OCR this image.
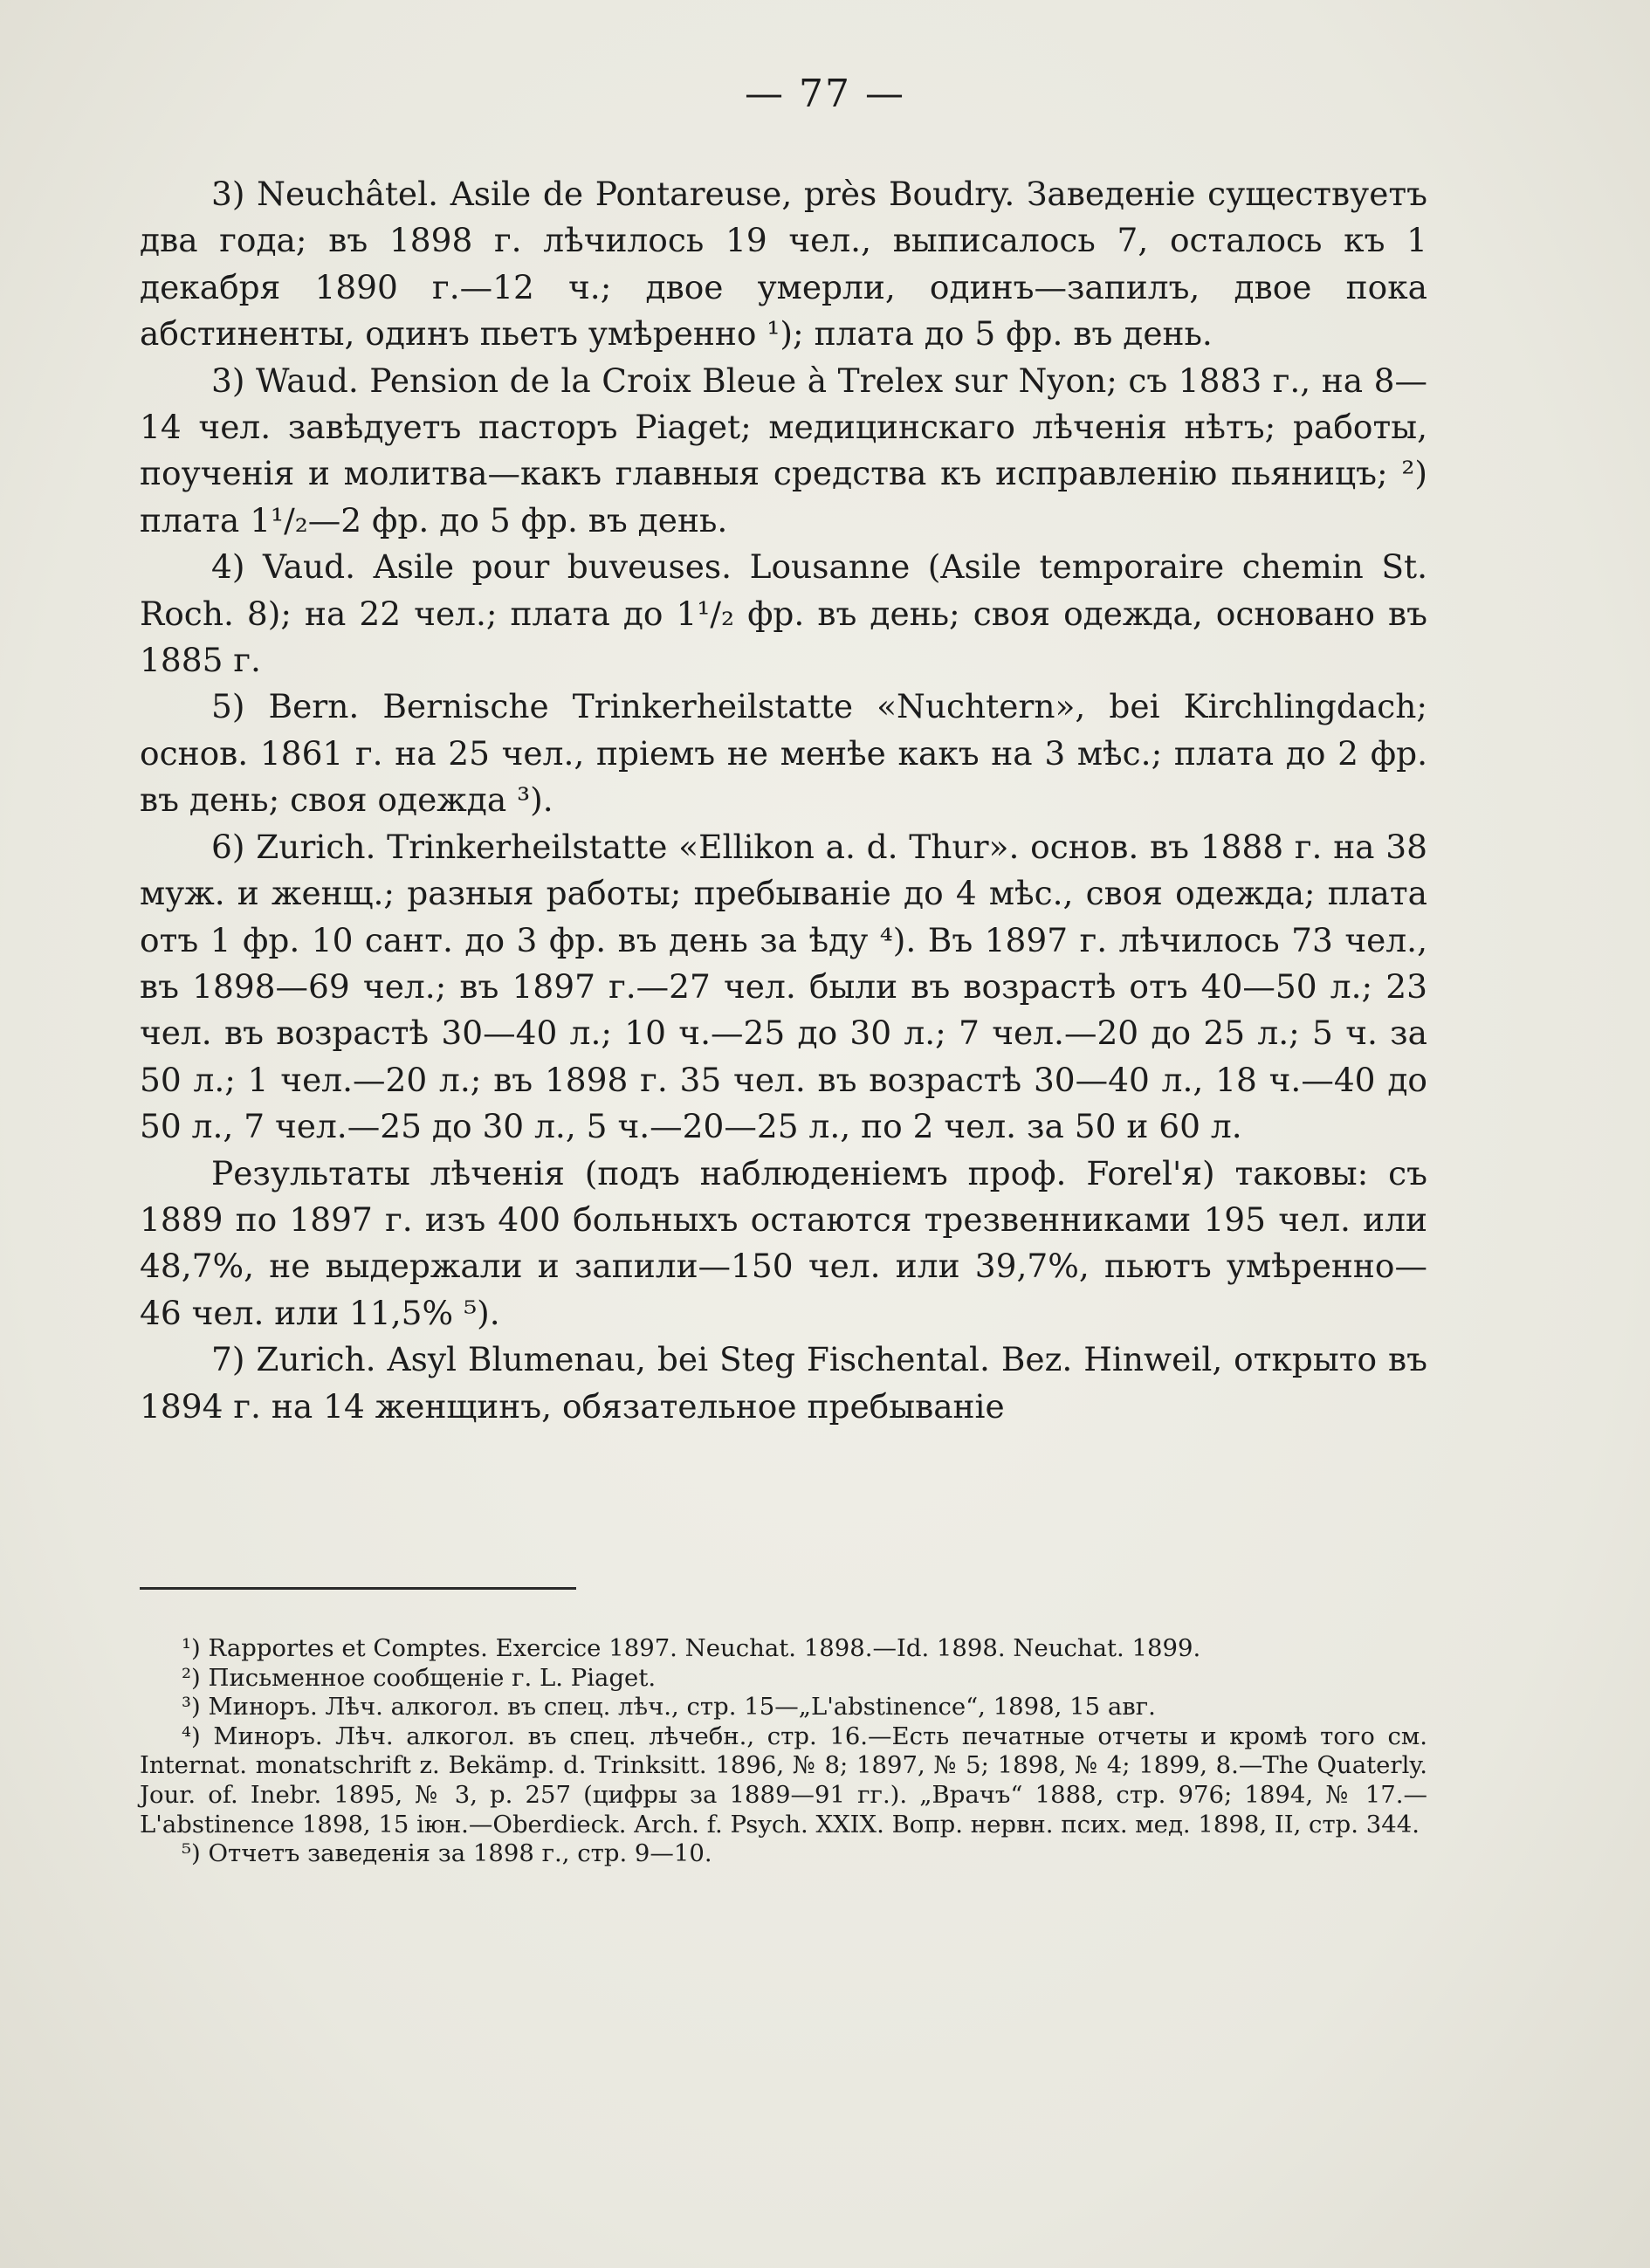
— 77 —

3) Neuchâtel. Asile de Pontareuse, près Boudry. Заведеніе существуетъ два года; въ 1898 г. лѣчилось 19 чел., выписалось 7, осталось къ 1 декабря 1890 г.—12 ч.; двое умерли, одинъ—запилъ, двое пока абстиненты, одинъ пьетъ умѣренно ¹); плата до 5 фр. въ день.

3) Waud. Pension de la Croix Bleue à Trelex sur Nyon; съ 1883 г., на 8—14 чел. завѣдуетъ пасторъ Piaget; медицинскаго лѣченія нѣтъ; работы, поученія и молитва—какъ главныя средства къ исправленію пьяницъ; ²) плата 1¹/₂—2 фр. до 5 фр. въ день.

4) Vaud. Asile pour buveuses. Lousanne (Asile temporaire chemin St. Roch. 8); на 22 чел.; плата до 1¹/₂ фр. въ день; своя одежда, основано въ 1885 г.

5) Bern. Bernische Trinkerheilstatte «Nuchtern», bei Kirchlingdach; основ. 1861 г. на 25 чел., пріемъ не менѣе какъ на 3 мѣс.; плата до 2 фр. въ день; своя одежда ³).

6) Zurich. Trinkerheilstatte «Ellikon a. d. Thur». основ. въ 1888 г. на 38 муж. и женщ.; разныя работы; пребываніе до 4 мѣс., своя одежда; плата отъ 1 фр. 10 сант. до 3 фр. въ день за ѣду ⁴). Въ 1897 г. лѣчилось 73 чел., въ 1898—69 чел.; въ 1897 г.—27 чел. были въ возрастѣ отъ 40—50 л.; 23 чел. въ возрастѣ 30—40 л.; 10 ч.—25 до 30 л.; 7 чел.—20 до 25 л.; 5 ч. за 50 л.; 1 чел.—20 л.; въ 1898 г. 35 чел. въ возрастѣ 30—40 л., 18 ч.—40 до 50 л., 7 чел.—25 до 30 л., 5 ч.—20—25 л., по 2 чел. за 50 и 60 л.

Результаты лѣченія (подъ наблюденіемъ проф. Forel'я) таковы: съ 1889 по 1897 г. изъ 400 больныхъ остаются трезвенниками 195 чел. или 48,7%, не выдержали и запили—150 чел. или 39,7%, пьютъ умѣренно—46 чел. или 11,5% ⁵).

7) Zurich. Asyl Blumenau, bei Steg Fischental. Bez. Hinweil, открыто въ 1894 г. на 14 женщинъ, обязательное пребываніе

¹) Rapportes et Comptes. Exercice 1897. Neuchat. 1898.—Id. 1898. Neuchat. 1899.

²) Письменное сообщеніе г. L. Piaget.

³) Миноръ. Лѣч. алкогол. въ спец. лѣч., стр. 15—„L'abstinence“, 1898, 15 авг.

⁴) Миноръ. Лѣч. алкогол. въ спец. лѣчебн., стр. 16.—Есть печатные отчеты и кромѣ того см. Internat. monatschrift z. Bekämp. d. Trinksitt. 1896, № 8; 1897, № 5; 1898, № 4; 1899, 8.—The Quaterly. Jour. of. Inebr. 1895, № 3, p. 257 (цифры за 1889—91 гг.). „Врачъ“ 1888, стр. 976; 1894, № 17.—L'abstinence 1898, 15 іюн.—Oberdieck. Arch. f. Psych. XXIX. Вопр. нервн. псих. мед. 1898, II, стр. 344.

⁵) Отчетъ заведенія за 1898 г., стр. 9—10.
